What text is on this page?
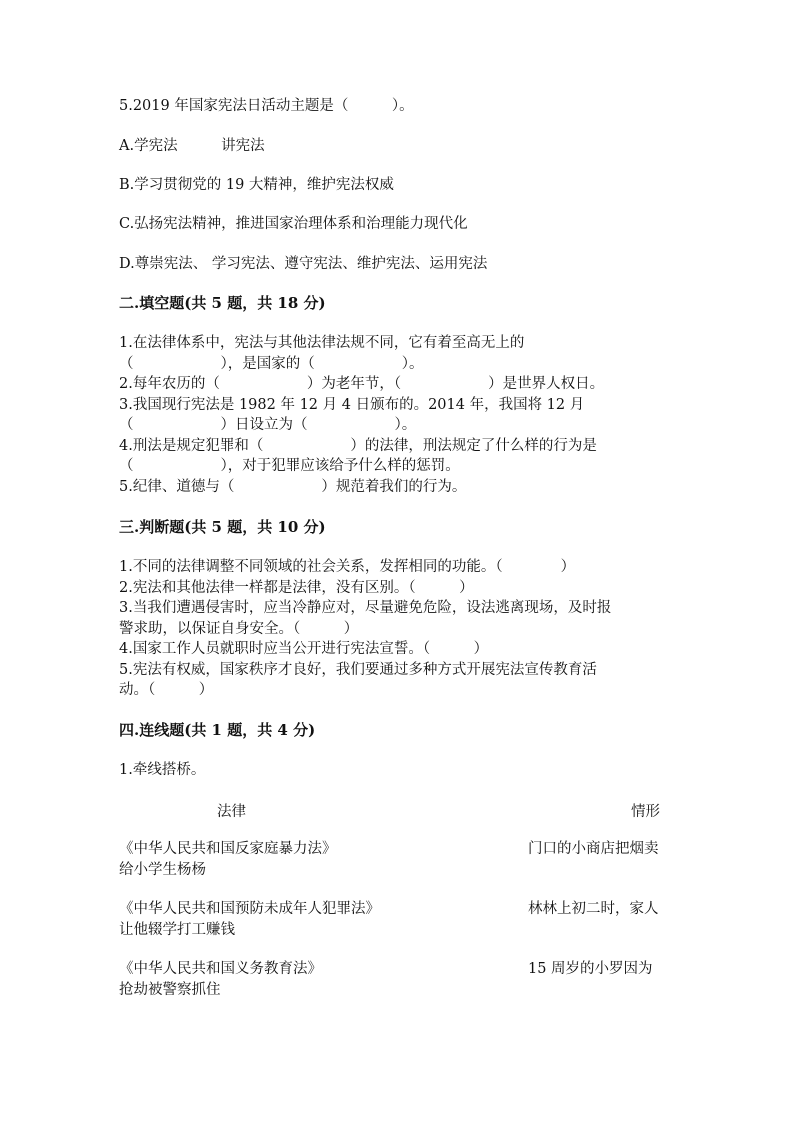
5.2019 年国家宪法日活动主题是（　　　）。

A.学宪法　　　讲宪法

B.学习贯彻党的 19 大精神，维护宪法权威

C.弘扬宪法精神，推进国家治理体系和治理能力现代化

D.尊崇宪法、 学习宪法、遵守宪法、维护宪法、运用宪法

二.填空题(共 5 题，共 18 分)

1.在法律体系中，宪法与其他法律法规不同，它有着至高无上的
（　　　　　　），是国家的（　　　　　　）。
2.每年农历的（　　　　　　）为老年节，（　　　　　　）是世界人权日。
3.我国现行宪法是 1982 年 12 月 4 日颁布的。2014 年，我国将 12 月
（　　　　　　）日设立为（　　　　　　）。
4.刑法是规定犯罪和（　　　　　　）的法律，刑法规定了什么样的行为是
（　　　　　　），对于犯罪应该给予什么样的惩罚。
5.纪律、道德与（　　　　　　）规范着我们的行为。

三.判断题(共 5 题，共 10 分)

1.不同的法律调整不同领域的社会关系，发挥相同的功能。（　　　　）
2.宪法和其他法律一样都是法律，没有区别。（　　　）
3.当我们遭遇侵害时，应当冷静应对，尽量避免危险，设法逃离现场，及时报
警求助，以保证自身安全。（　　　）
4.国家工作人员就职时应当公开进行宪法宣誓。（　　　）
5.宪法有权威，国家秩序才良好，我们要通过多种方式开展宪法宣传教育活
动。（　　　）

四.连线题(共 1 题，共 4 分)

1.牵线搭桥。

法律	情形
《中华人民共和国反家庭暴力法》	门口的小商店把烟卖
给小学生杨杨
《中华人民共和国预防未成年人犯罪法》	林林上初二时，家人
让他辍学打工赚钱
《中华人民共和国义务教育法》	15 周岁的小罗因为
抢劫被警察抓住
